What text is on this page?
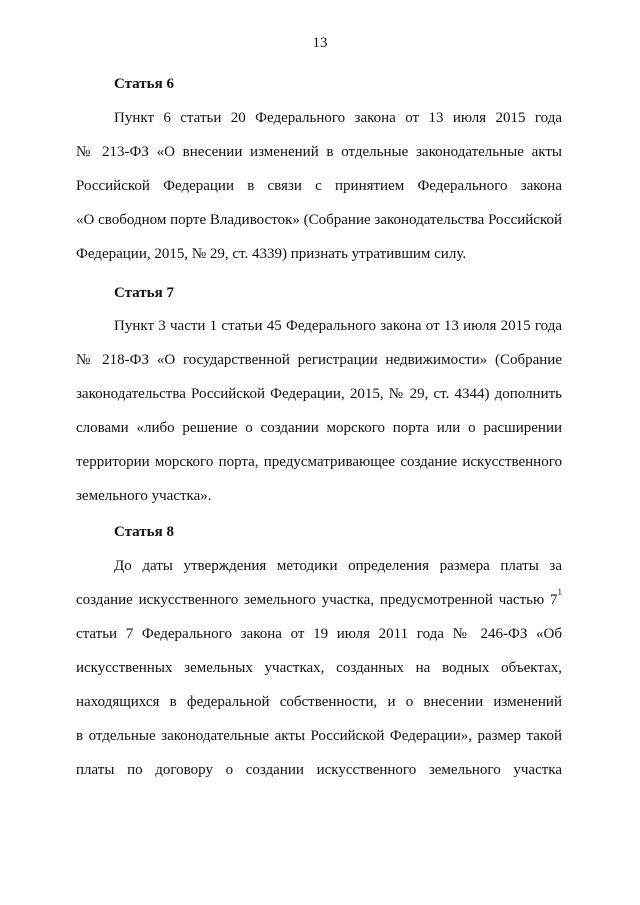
13
Статья 6
Пункт 6 статьи 20 Федерального закона от 13 июля 2015 года
№ 213-ФЗ «О внесении изменений в отдельные законодательные акты
Российской Федерации в связи с принятием Федерального закона
«О свободном порте Владивосток» (Собрание законодательства Российской
Федерации, 2015, № 29, ст. 4339) признать утратившим силу.
Статья 7
Пункт 3 части 1 статьи 45 Федерального закона от 13 июля 2015 года
№ 218-ФЗ «О государственной регистрации недвижимости» (Собрание
законодательства Российской Федерации, 2015, № 29, ст. 4344) дополнить
словами «либо решение о создании морского порта или о расширении
территории морского порта, предусматривающее создание искусственного
земельного участка».
Статья 8
До даты утверждения методики определения размера платы за
создание искусственного земельного участка, предусмотренной частью $7^1$
статьи 7 Федерального закона от 19 июля 2011 года № 246-ФЗ «Об
искусственных земельных участках, созданных на водных объектах,
находящихся в федеральной собственности, и о внесении изменений
в отдельные законодательные акты Российской Федерации», размер такой
платы по договору о создании искусственного земельного участка
